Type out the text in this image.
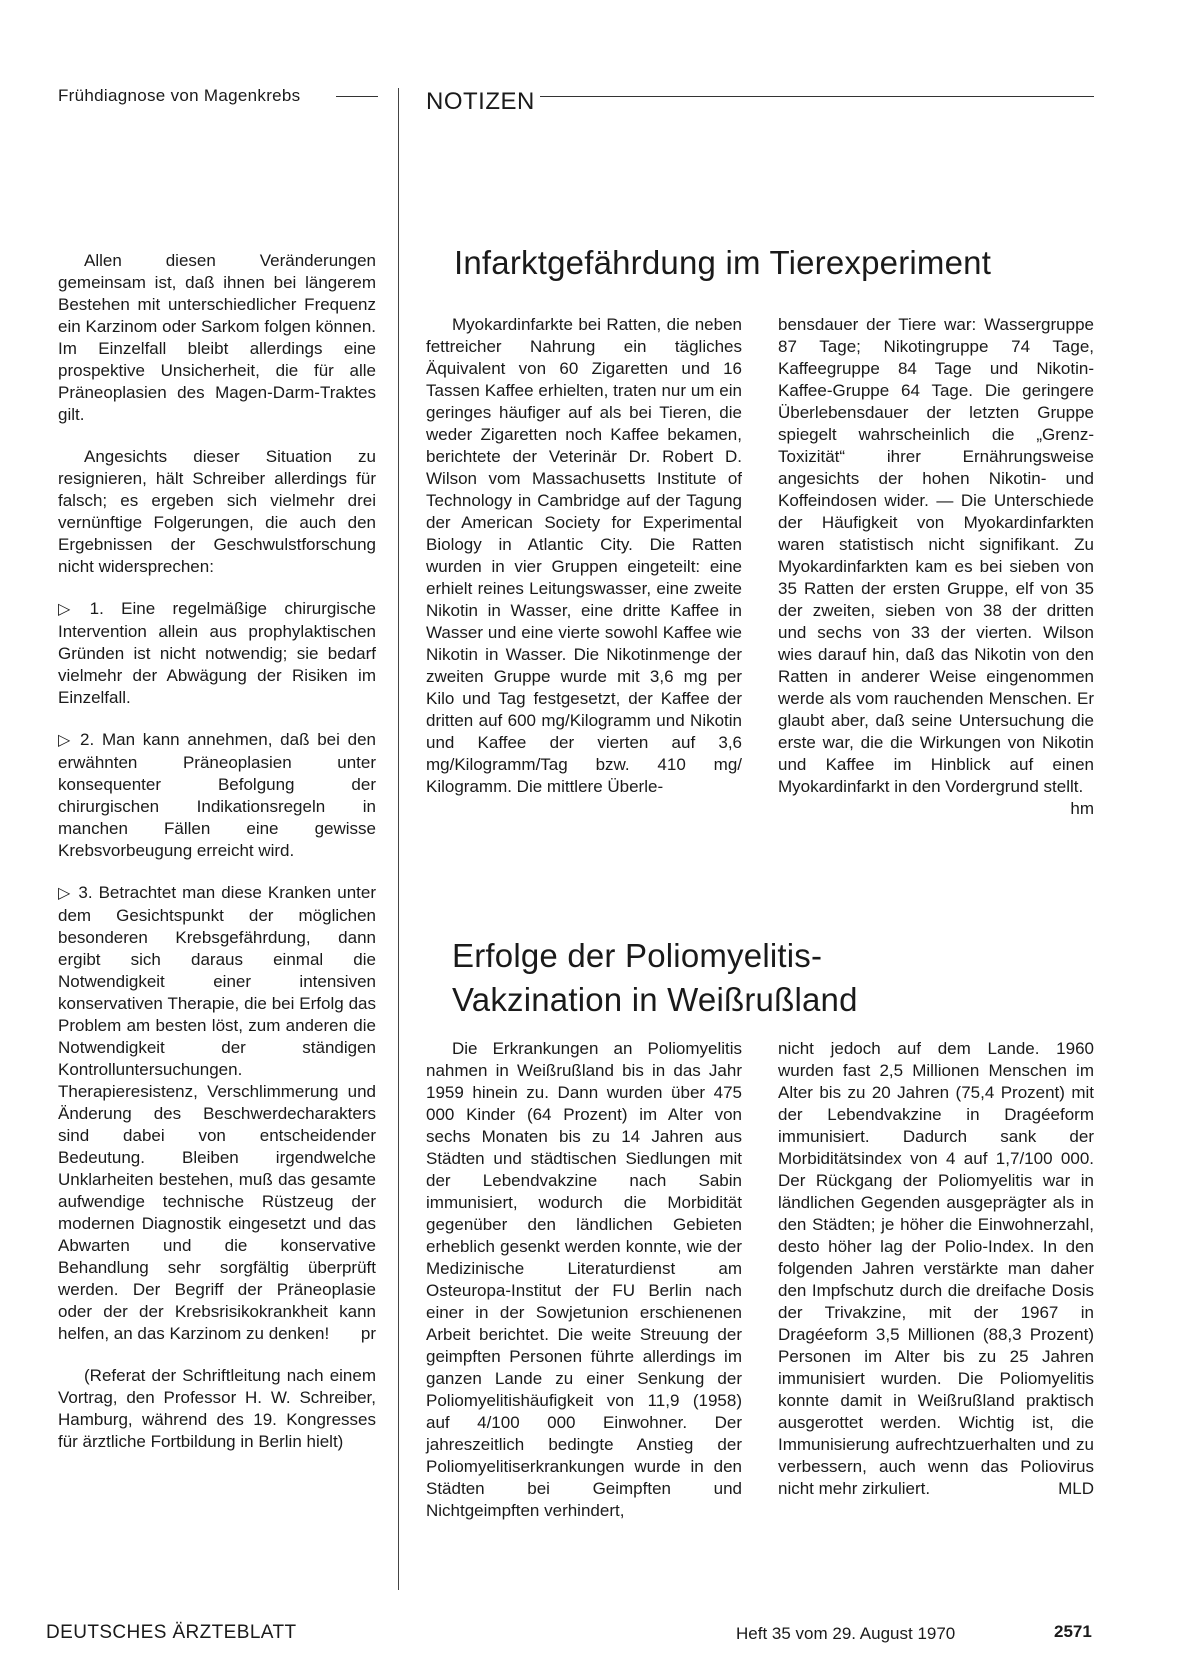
Frühdiagnose von Magenkrebs	NOTIZEN

Allen diesen Veränderungen gemeinsam ist, daß ihnen bei längerem Bestehen mit unterschiedlicher Frequenz ein Karzinom oder Sarkom folgen können. Im Einzelfall bleibt allerdings eine prospektive Unsicherheit, die für alle Präneoplasien des Magen-Darm-Traktes gilt.

Angesichts dieser Situation zu resignieren, hält Schreiber allerdings für falsch; es ergeben sich vielmehr drei vernünftige Folgerungen, die auch den Ergebnissen der Geschwulstforschung nicht widersprechen:

▷ 1. Eine regelmäßige chirurgische Intervention allein aus prophylaktischen Gründen ist nicht notwendig; sie bedarf vielmehr der Abwägung der Risiken im Einzelfall.

▷ 2. Man kann annehmen, daß bei den erwähnten Präneoplasien unter konsequenter Befolgung der chirurgischen Indikationsregeln in manchen Fällen eine gewisse Krebsvorbeugung erreicht wird.

▷ 3. Betrachtet man diese Kranken unter dem Gesichtspunkt der möglichen besonderen Krebsgefährdung, dann ergibt sich daraus einmal die Notwendigkeit einer intensiven konservativen Therapie, die bei Erfolg das Problem am besten löst, zum anderen die Notwendigkeit der ständigen Kontrolluntersuchungen. Therapieresistenz, Verschlimmerung und Änderung des Beschwerdecharakters sind dabei von entscheidender Bedeutung. Bleiben irgendwelche Unklarheiten bestehen, muß das gesamte aufwendige technische Rüstzeug der modernen Diagnostik eingesetzt und das Abwarten und die konservative Behandlung sehr sorgfältig überprüft werden. Der Begriff der Präneoplasie oder der der Krebsrisikokrankheit kann helfen, an das Karzinom zu denken! pr

(Referat der Schriftleitung nach einem Vortrag, den Professor H. W. Schreiber, Hamburg, während des 19. Kongresses für ärztliche Fortbildung in Berlin hielt)

Infarktgefährdung im Tierexperiment

Myokardinfarkte bei Ratten, die neben fettreicher Nahrung ein tägliches Äquivalent von 60 Zigaretten und 16 Tassen Kaffee erhielten, traten nur um ein geringes häufiger auf als bei Tieren, die weder Zigaretten noch Kaffee bekamen, berichtete der Veterinär Dr. Robert D. Wilson vom Massachusetts Institute of Technology in Cambridge auf der Tagung der American Society for Experimental Biology in Atlantic City. Die Ratten wurden in vier Gruppen eingeteilt: eine erhielt reines Leitungswasser, eine zweite Nikotin in Wasser, eine dritte Kaffee in Wasser und eine vierte sowohl Kaffee wie Nikotin in Wasser. Die Nikotinmenge der zweiten Gruppe wurde mit 3,6 mg per Kilo und Tag festgesetzt, der Kaffee der dritten auf 600 mg/Kilogramm und Nikotin und Kaffee der vierten auf 3,6 mg/Kilogramm/Tag bzw. 410 mg/ Kilogramm. Die mittlere Überle-

bensdauer der Tiere war: Wassergruppe 87 Tage; Nikotingruppe 74 Tage, Kaffeegruppe 84 Tage und Nikotin-Kaffee-Gruppe 64 Tage. Die geringere Überlebensdauer der letzten Gruppe spiegelt wahrscheinlich die „Grenz-Toxizität“ ihrer Ernährungsweise angesichts der hohen Nikotin- und Koffeindosen wider. — Die Unterschiede der Häufigkeit von Myokardinfarkten waren statistisch nicht signifikant. Zu Myokardinfarkten kam es bei sieben von 35 Ratten der ersten Gruppe, elf von 35 der zweiten, sieben von 38 der dritten und sechs von 33 der vierten. Wilson wies darauf hin, daß das Nikotin von den Ratten in anderer Weise eingenommen werde als vom rauchenden Menschen. Er glaubt aber, daß seine Untersuchung die erste war, die die Wirkungen von Nikotin und Kaffee im Hinblick auf einen Myokardinfarkt in den Vordergrund stellt.
hm

Erfolge der Poliomyelitis-
Vakzination in Weißrußland

Die Erkrankungen an Poliomyelitis nahmen in Weißrußland bis in das Jahr 1959 hinein zu. Dann wurden über 475 000 Kinder (64 Prozent) im Alter von sechs Monaten bis zu 14 Jahren aus Städten und städtischen Siedlungen mit der Lebendvakzine nach Sabin immunisiert, wodurch die Morbidität gegenüber den ländlichen Gebieten erheblich gesenkt werden konnte, wie der Medizinische Literaturdienst am Osteuropa-Institut der FU Berlin nach einer in der Sowjetunion erschienenen Arbeit berichtet. Die weite Streuung der geimpften Personen führte allerdings im ganzen Lande zu einer Senkung der Poliomyelitishäufigkeit von 11,9 (1958) auf 4/100 000 Einwohner. Der jahreszeitlich bedingte Anstieg der Poliomyelitiserkrankungen wurde in den Städten bei Geimpften und Nichtgeimpften verhindert,

nicht jedoch auf dem Lande. 1960 wurden fast 2,5 Millionen Menschen im Alter bis zu 20 Jahren (75,4 Prozent) mit der Lebendvakzine in Dragéeform immunisiert. Dadurch sank der Morbiditätsindex von 4 auf 1,7/100 000. Der Rückgang der Poliomyelitis war in ländlichen Gegenden ausgeprägter als in den Städten; je höher die Einwohnerzahl, desto höher lag der Polio-Index. In den folgenden Jahren verstärkte man daher den Impfschutz durch die dreifache Dosis der Trivakzine, mit der 1967 in Dragéeform 3,5 Millionen (88,3 Prozent) Personen im Alter bis zu 25 Jahren immunisiert wurden. Die Poliomyelitis konnte damit in Weißrußland praktisch ausgerottet werden. Wichtig ist, die Immunisierung aufrechtzuerhalten und zu verbessern, auch wenn das Poliovirus nicht mehr zirkuliert.	MLD

DEUTSCHES ÄRZTEBLATT	Heft 35 vom 29. August 1970	2571
